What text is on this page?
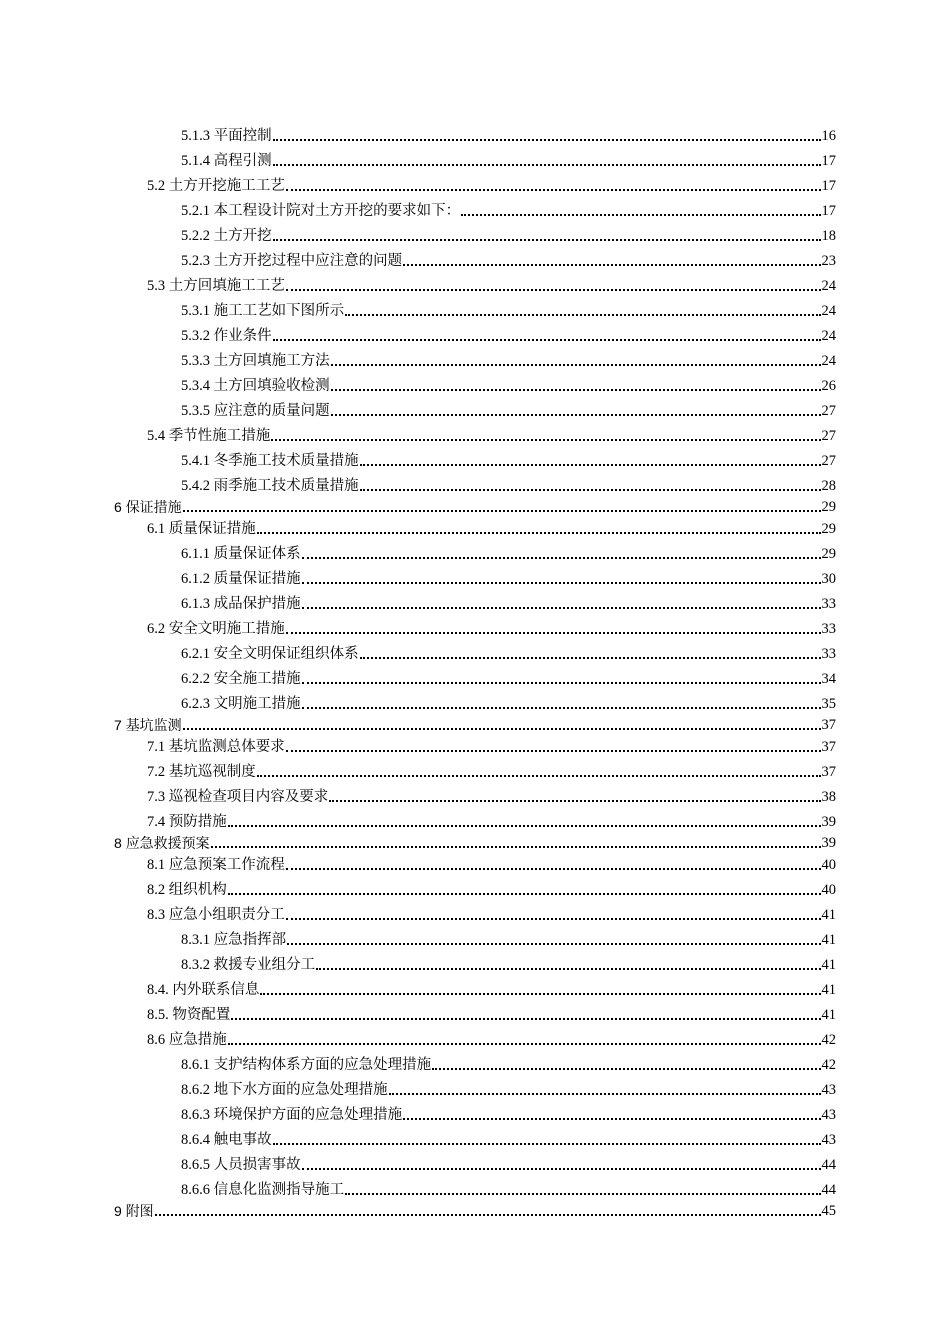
5.1.3 平面控制	16
5.1.4 高程引测	17
5.2 土方开挖施工工艺	17
5.2.1 本工程设计院对土方开挖的要求如下：	17
5.2.2 土方开挖	18
5.2.3 土方开挖过程中应注意的问题	23
5.3 土方回填施工工艺	24
5.3.1 施工工艺如下图所示	24
5.3.2 作业条件	24
5.3.3 土方回填施工方法	24
5.3.4 土方回填验收检测	26
5.3.5 应注意的质量问题	27
5.4 季节性施工措施	27
5.4.1 冬季施工技术质量措施	27
5.4.2 雨季施工技术质量措施	28
6 保证措施	29
6.1 质量保证措施	29
6.1.1 质量保证体系	29
6.1.2 质量保证措施	30
6.1.3 成品保护措施	33
6.2 安全文明施工措施	33
6.2.1 安全文明保证组织体系	33
6.2.2 安全施工措施	34
6.2.3 文明施工措施	35
7 基坑监测	37
7.1 基坑监测总体要求	37
7.2 基坑巡视制度	37
7.3 巡视检查项目内容及要求	38
7.4 预防措施	39
8 应急救援预案	39
8.1 应急预案工作流程	40
8.2 组织机构	40
8.3 应急小组职责分工	41
8.3.1 应急指挥部	41
8.3.2 救援专业组分工	41
8.4. 内外联系信息	41
8.5. 物资配置	41
8.6 应急措施	42
8.6.1 支护结构体系方面的应急处理措施	42
8.6.2 地下水方面的应急处理措施	43
8.6.3 环境保护方面的应急处理措施	43
8.6.4 触电事故	43
8.6.5 人员损害事故	44
8.6.6 信息化监测指导施工	44
9 附图	45
